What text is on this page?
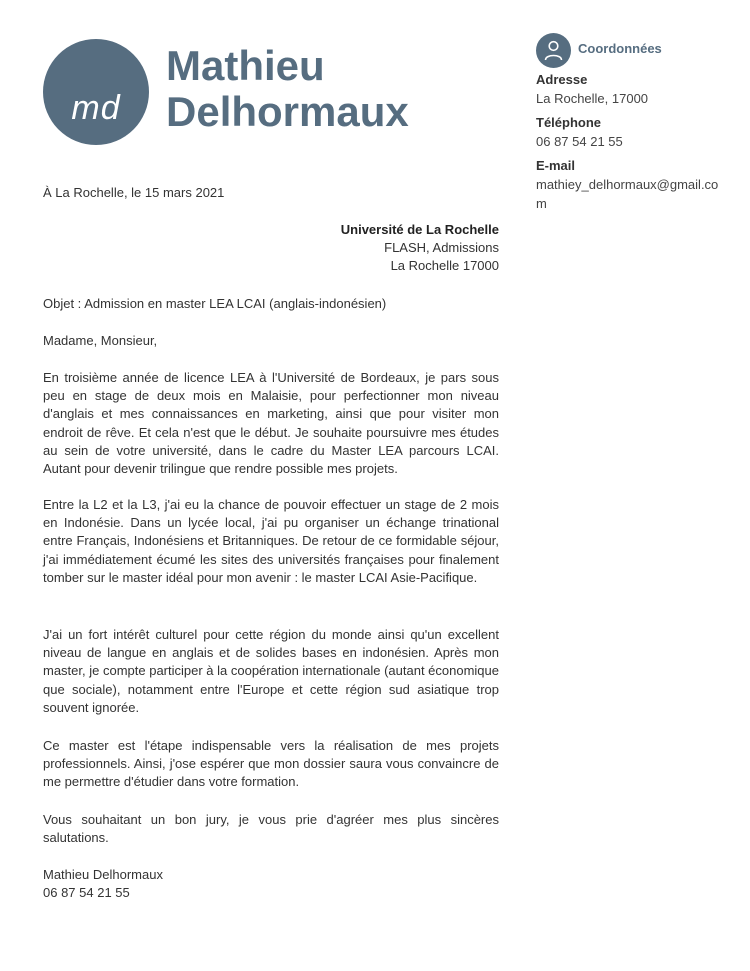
md
Mathieu
Delhormaux
Coordonnées
Adresse
La Rochelle, 17000
Téléphone
06 87 54 21 55
E-mail
mathiey_delhormaux@gmail.com
À La Rochelle, le 15 mars 2021
Université de La Rochelle
FLASH, Admissions
La Rochelle 17000
Objet : Admission en master LEA LCAI (anglais-indonésien)
Madame, Monsieur,
En troisième année de licence LEA à l'Université de Bordeaux, je pars sous peu en stage de deux mois en Malaisie, pour perfectionner mon niveau d'anglais et mes connaissances en marketing, ainsi que pour visiter mon endroit de rêve. Et cela n'est que le début. Je souhaite poursuivre mes études au sein de votre université, dans le cadre du Master LEA parcours LCAI. Autant pour devenir trilingue que rendre possible mes projets.
Entre la L2 et la L3, j'ai eu la chance de pouvoir effectuer un stage de 2 mois en Indonésie. Dans un lycée local, j'ai pu organiser un échange trinational entre Français, Indonésiens et Britanniques. De retour de ce formidable séjour, j'ai immédiatement écumé les sites des universités françaises pour finalement tomber sur le master idéal pour mon avenir : le master LCAI Asie-Pacifique.
J'ai un fort intérêt culturel pour cette région du monde ainsi qu'un excellent niveau de langue en anglais et de solides bases en indonésien. Après mon master, je compte participer à la coopération internationale (autant économique que sociale), notamment entre l'Europe et cette région sud asiatique trop souvent ignorée.
Ce master est l'étape indispensable vers la réalisation de mes projets professionnels. Ainsi, j'ose espérer que mon dossier saura vous convaincre de me permettre d'étudier dans votre formation.
Vous souhaitant un bon jury, je vous prie d'agréer mes plus sincères salutations.
Mathieu Delhormaux
06 87 54 21 55
